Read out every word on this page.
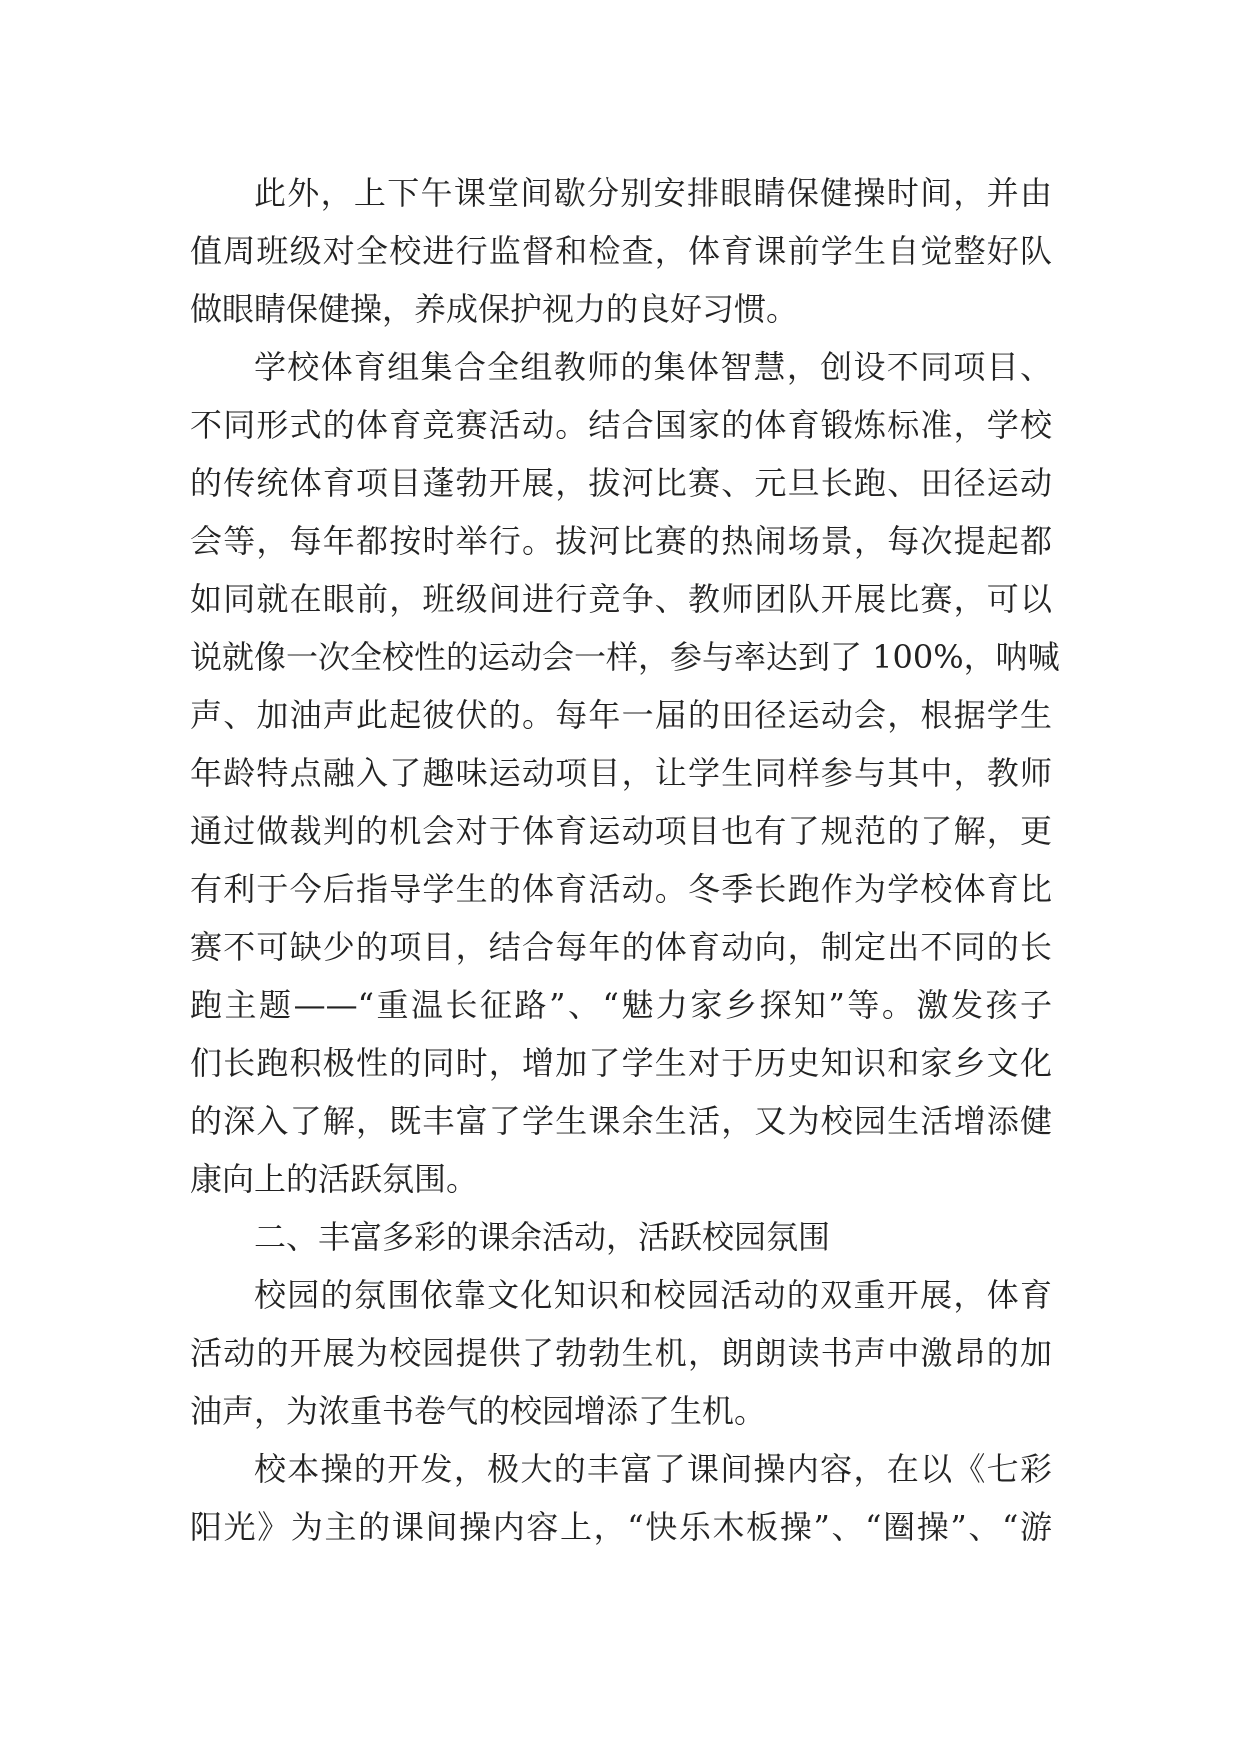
此外，上下午课堂间歇分别安排眼睛保健操时间，并由
值周班级对全校进行监督和检查，体育课前学生自觉整好队
做眼睛保健操，养成保护视力的良好习惯。
学校体育组集合全组教师的集体智慧，创设不同项目、
不同形式的体育竞赛活动。结合国家的体育锻炼标准，学校
的传统体育项目蓬勃开展，拔河比赛、元旦长跑、田径运动
会等，每年都按时举行。拔河比赛的热闹场景，每次提起都
如同就在眼前，班级间进行竞争、教师团队开展比赛，可以
说就像一次全校性的运动会一样，参与率达到了 100%，呐喊
声、加油声此起彼伏的。每年一届的田径运动会，根据学生
年龄特点融入了趣味运动项目，让学生同样参与其中，教师
通过做裁判的机会对于体育运动项目也有了规范的了解，更
有利于今后指导学生的体育活动。冬季长跑作为学校体育比
赛不可缺少的项目，结合每年的体育动向，制定出不同的长
跑主题——“重温长征路”、“魅力家乡探知”等。激发孩子
们长跑积极性的同时，增加了学生对于历史知识和家乡文化
的深入了解，既丰富了学生课余生活，又为校园生活增添健
康向上的活跃氛围。
二、丰富多彩的课余活动，活跃校园氛围
校园的氛围依靠文化知识和校园活动的双重开展，体育
活动的开展为校园提供了勃勃生机，朗朗读书声中激昂的加
油声，为浓重书卷气的校园增添了生机。
校本操的开发，极大的丰富了课间操内容，在以《七彩
阳光》为主的课间操内容上，“快乐木板操”、“圈操”、“游
